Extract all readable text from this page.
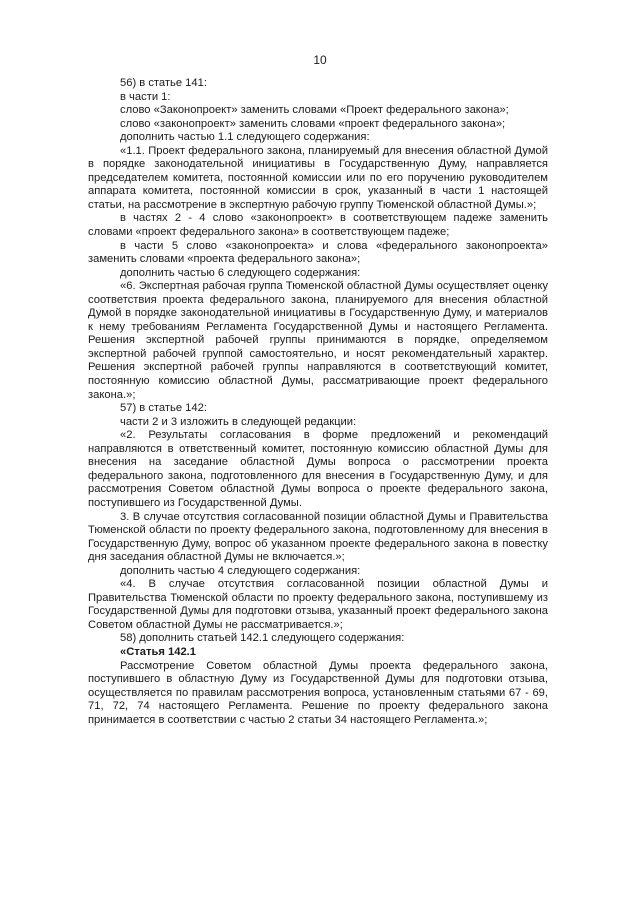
10

56) в статье 141:

в части 1:

слово «Законопроект» заменить словами «Проект федерального закона»;

слово «законопроект» заменить словами «проект федерального закона»;

дополнить частью 1.1 следующего содержания:

«1.1. Проект федерального закона, планируемый для внесения областной Думой в порядке законодательной инициативы в Государственную Думу, направляется председателем комитета, постоянной комиссии или по его поручению руководителем аппарата комитета, постоянной комиссии в срок, указанный в части 1 настоящей статьи, на рассмотрение в экспертную рабочую группу Тюменской областной Думы.»;

в частях 2 - 4 слово «законопроект» в соответствующем падеже заменить словами «проект федерального закона» в соответствующем падеже;

в части 5 слово «законопроекта» и слова «федерального законопроекта» заменить словами «проекта федерального закона»;

дополнить частью 6 следующего содержания:

«6. Экспертная рабочая группа Тюменской областной Думы осуществляет оценку соответствия проекта федерального закона, планируемого для внесения областной Думой в порядке законодательной инициативы в Государственную Думу, и материалов к нему требованиям Регламента Государственной Думы и настоящего Регламента. Решения экспертной рабочей группы принимаются в порядке, определяемом экспертной рабочей группой самостоятельно, и носят рекомендательный характер. Решения экспертной рабочей группы направляются в соответствующий комитет, постоянную комиссию областной Думы, рассматривающие проект федерального закона.»;

57) в статье 142:

части 2 и 3 изложить в следующей редакции:

«2. Результаты согласования в форме предложений и рекомендаций направляются в ответственный комитет, постоянную комиссию областной Думы для внесения на заседание областной Думы вопроса о рассмотрении проекта федерального закона, подготовленного для внесения в Государственную Думу, и для рассмотрения Советом областной Думы вопроса о проекте федерального закона, поступившего из Государственной Думы.

3. В случае отсутствия согласованной позиции областной Думы и Правительства Тюменской области по проекту федерального закона, подготовленному для внесения в Государственную Думу, вопрос об указанном проекте федерального закона в повестку дня заседания областной Думы не включается.»;

дополнить частью 4 следующего содержания:

«4. В случае отсутствия согласованной позиции областной Думы и Правительства Тюменской области по проекту федерального закона, поступившему из Государственной Думы для подготовки отзыва, указанный проект федерального закона Советом областной Думы не рассматривается.»;

58) дополнить статьей 142.1 следующего содержания:

«Статья 142.1

Рассмотрение Советом областной Думы проекта федерального закона, поступившего в областную Думу из Государственной Думы для подготовки отзыва, осуществляется по правилам рассмотрения вопроса, установленным статьями 67 - 69, 71, 72, 74 настоящего Регламента. Решение по проекту федерального закона принимается в соответствии с частью 2 статьи 34 настоящего Регламента.»;
